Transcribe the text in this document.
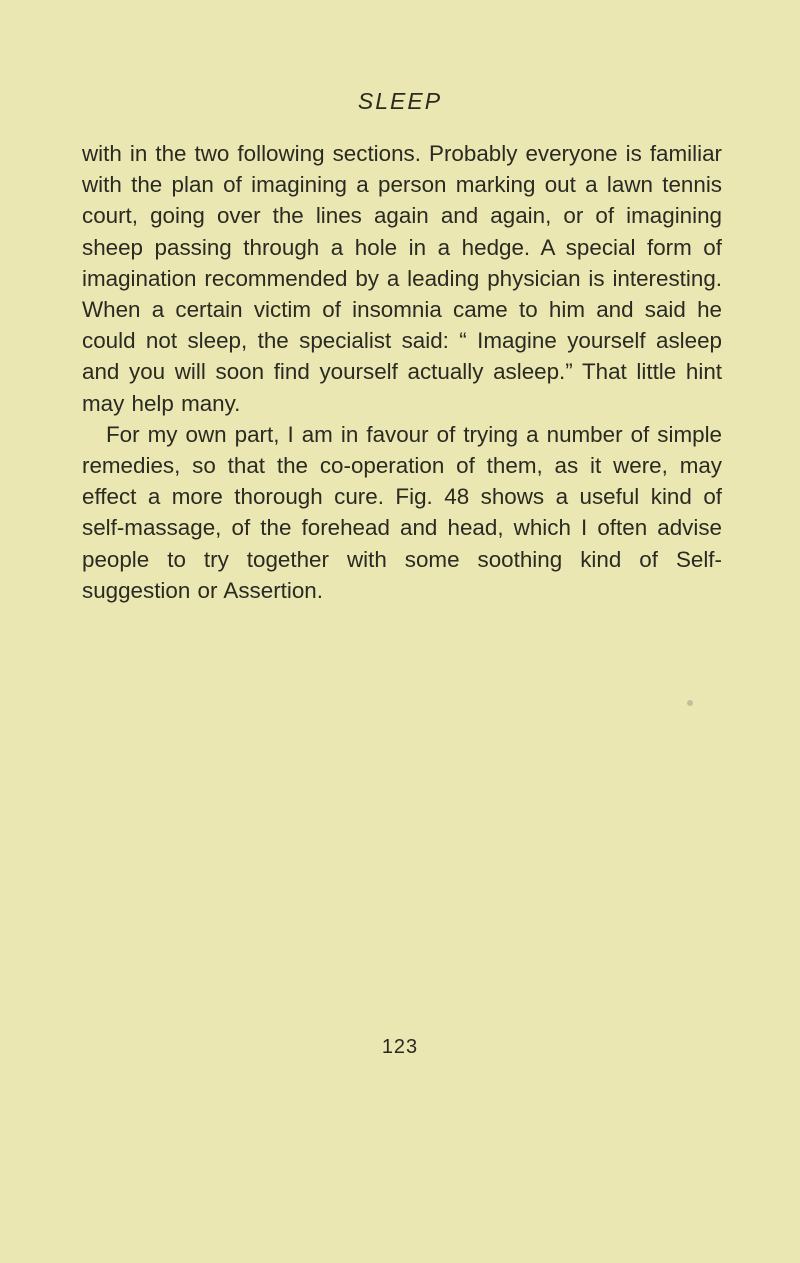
SLEEP

with in the two following sections. Probably everyone is familiar with the plan of imagining a person marking out a lawn tennis court, going over the lines again and again, or of imagining sheep passing through a hole in a hedge. A special form of imagination recommended by a leading physician is interesting. When a certain victim of insomnia came to him and said he could not sleep, the specialist said: “ Imagine yourself asleep and you will soon find yourself actually asleep.” That little hint may help many.

For my own part, I am in favour of trying a number of simple remedies, so that the co-operation of them, as it were, may effect a more thorough cure. Fig. 48 shows a useful kind of self-massage, of the forehead and head, which I often advise people to try together with some soothing kind of Self-suggestion or Assertion.

123
